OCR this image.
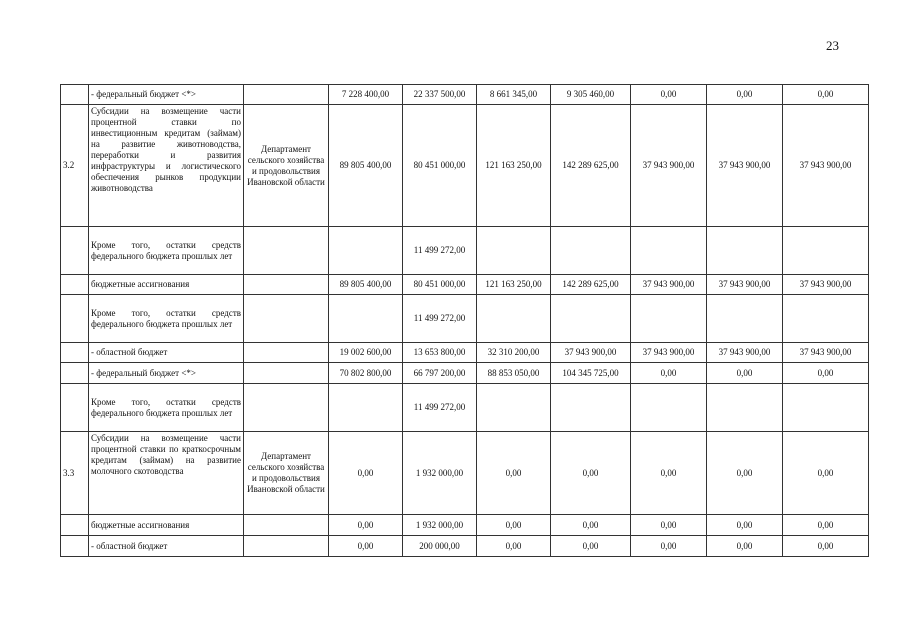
23
	- федеральный бюджет <*>		7 228 400,00	22 337 500,00	8 661 345,00	9 305 460,00	0,00	0,00	0,00
3.2	Субсидии на возмещение части процентной ставки по инвестиционным кредитам (займам) на развитие животноводства, переработки и развития инфраструктуры и логистического обеспечения рынков продукции животноводства	Департамент сельского хозяйства и продовольствия Ивановской области	89 805 400,00	80 451 000,00	121 163 250,00	142 289 625,00	37 943 900,00	37 943 900,00	37 943 900,00
	Кроме того, остатки средств федерального бюджета прошлых лет			11 499 272,00					
	бюджетные ассигнования		89 805 400,00	80 451 000,00	121 163 250,00	142 289 625,00	37 943 900,00	37 943 900,00	37 943 900,00
	Кроме того, остатки средств федерального бюджета прошлых лет			11 499 272,00					
	- областной бюджет		19 002 600,00	13 653 800,00	32 310 200,00	37 943 900,00	37 943 900,00	37 943 900,00	37 943 900,00
	- федеральный бюджет <*>		70 802 800,00	66 797 200,00	88 853 050,00	104 345 725,00	0,00	0,00	0,00
	Кроме того, остатки средств федерального бюджета прошлых лет			11 499 272,00					
3.3	Субсидии на возмещение части процентной ставки по краткосрочным кредитам (займам) на развитие молочного скотоводства	Департамент сельского хозяйства и продовольствия Ивановской области	0,00	1 932 000,00	0,00	0,00	0,00	0,00	0,00
	бюджетные ассигнования		0,00	1 932 000,00	0,00	0,00	0,00	0,00	0,00
	- областной бюджет		0,00	200 000,00	0,00	0,00	0,00	0,00	0,00
